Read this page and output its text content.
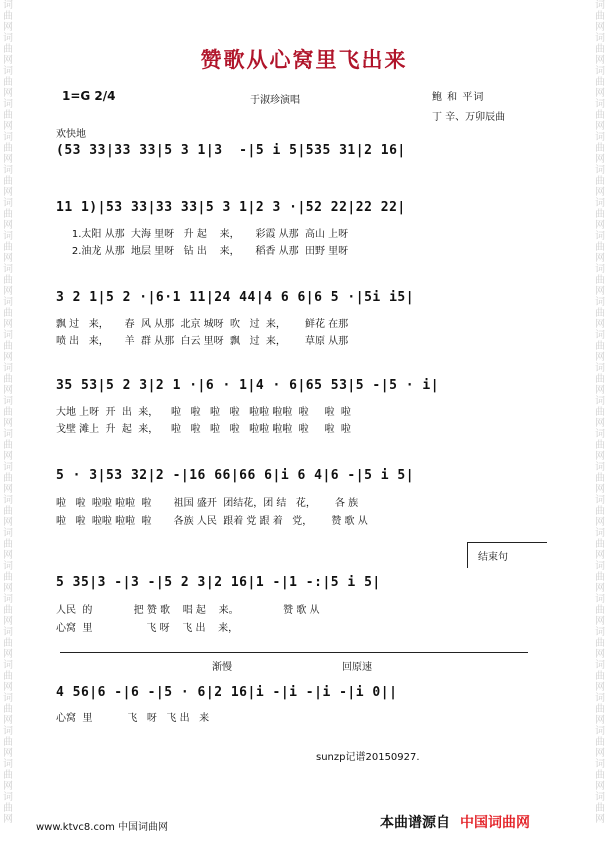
词曲网词曲网词曲网词曲网词曲网词曲网词曲网词曲网词曲网词曲网词曲网词曲网词曲网词曲网词曲网词曲网词曲网词曲网词曲网词曲网词曲网词曲网词曲网词曲网词曲网
词曲网词曲网词曲网词曲网词曲网词曲网词曲网词曲网词曲网词曲网词曲网词曲网词曲网词曲网词曲网词曲网词曲网词曲网词曲网词曲网词曲网词曲网词曲网词曲网词曲网
赞歌从心窝里飞出来
1=G 2/4	于淑珍演唱	鲍 和 平词
丁 辛、万卯辰曲
欢快地
(53 33|33 33|5 3 1|3  -|5 i 5|535 31|2 16|
11 1)|53 33|33 33|5 3 1|2 3 ·|52 22|22 22|
1.太阳 从那  大海 里呀   升 起    来，     彩霞 从那  高山 上呀
2.油龙 从那  地层 里呀   钻 出    来，     稻香 从那  田野 里呀
3 2 1|5 2 ·|6·1 11|24 44|4 6 6|6 5 ·|5i i5|
飘 过   来，     春  风 从那  北京 城呀  吹   过  来，      鲜花 在那
喷 出   来，     羊  群 从那  白云 里呀  飘   过  来，      草原 从那
35 53|5 2 3|2 1 ·|6 · 1|4 · 6|65 53|5 -|5 · i|
大地 上呀  开  出  来，    啦   啦   啦   啦   啦啦 啦啦  啦     啦  啦
戈壁 滩上  升  起  来，    啦   啦   啦   啦   啦啦 啦啦  啦     啦  啦
5 · 3|53 32|2 -|16 66|66 6|i 6 4|6 -|5 i 5|
啦   啦  啦啦 啦啦  啦       祖国 盛开  团结花，团 结   花，      各 族
啦   啦  啦啦 啦啦  啦       各族 人民  跟着 党 跟 着   党，      赞 歌 从
结束句
5 35|3 -|3 -|5 2 3|2 16|1 -|1 -:|5 i 5|
人民  的             把 赞 歌    唱 起    来。              赞 歌 从
心窝  里                 飞 呀    飞 出    来，
渐慢	回原速
4 56|6 -|6 -|5 · 6|2 16|i -|i -|i -|i 0||
心窝  里           飞   呀   飞 出   来
sunzp记谱20150927.
www.ktvc8.com 中国词曲网	本曲谱源自 中国词曲网
